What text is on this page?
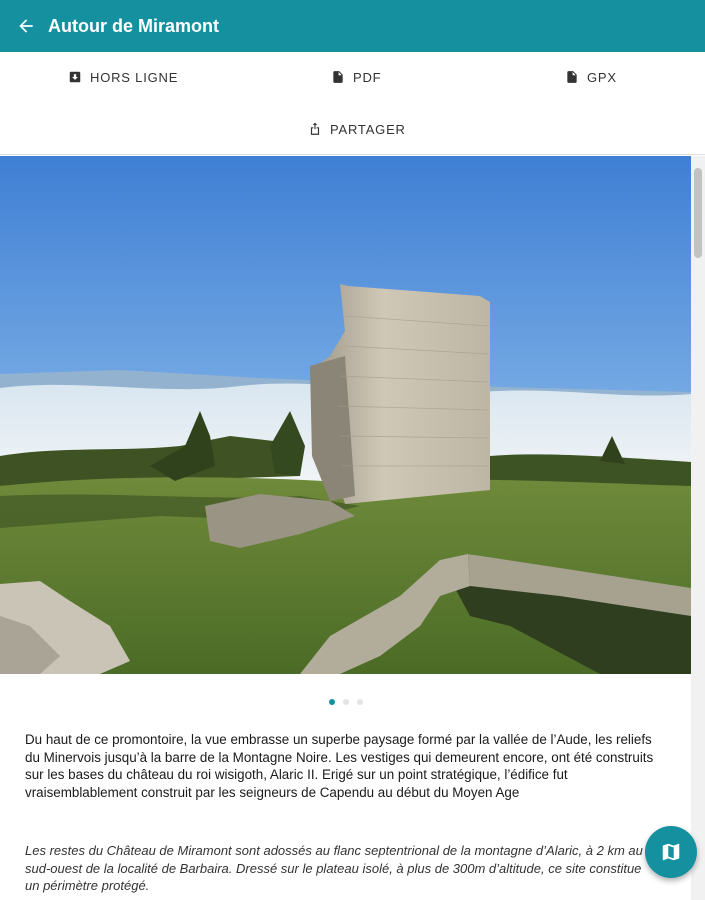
Autour de Miramont
HORS LIGNE	PDF	GPX
PARTAGER

Du haut de ce promontoire, la vue embrasse un superbe paysage formé par la vallée de l’Aude, les reliefs du Minervois jusqu’à la barre de la Montagne Noire. Les vestiges qui demeurent encore, ont été construits sur les bases du château du roi wisigoth, Alaric II. Erigé sur un point stratégique, l’édifice fut vraisemblablement construit par les seigneurs de Capendu au début du Moyen Age

Les restes du Château de Miramont sont adossés au flanc septentrional de la montagne d’Alaric, à 2 km au sud-ouest de la localité de Barbaira. Dressé sur le plateau isolé, à plus de 300m d’altitude, ce site constitue un périmètre protégé.
